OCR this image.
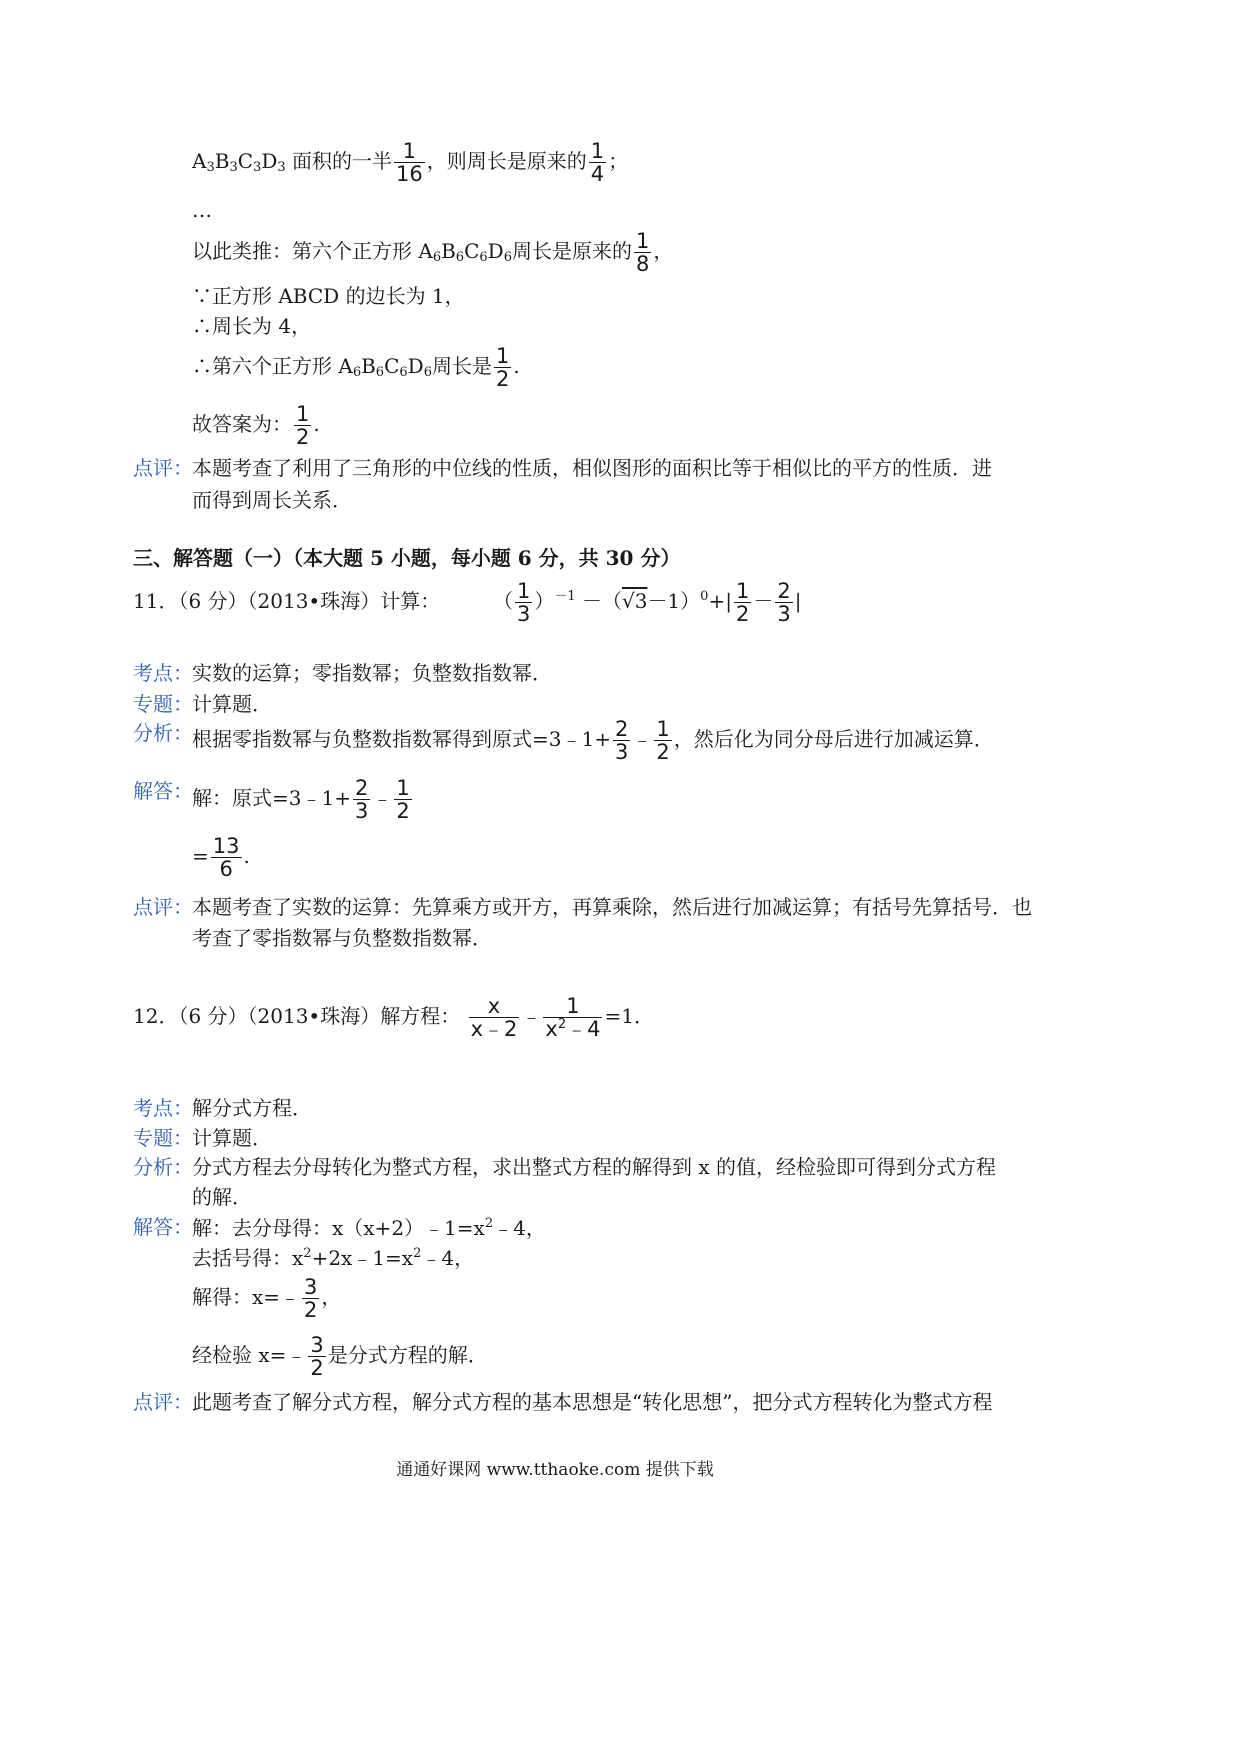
$A_3B_3C_3D_3$ 面积的一半 $\frac{1}{16}$ ，则周长是原来的 $\frac{1}{4}$ ；
…
以此类推：第六个正方形 $A_6B_6C_6D_6$周长是原来的 $\frac{1}{8}$ ，
∵正方形 ABCD 的边长为 1，
∴周长为 4，
∴第六个正方形 $A_6B_6C_6D_6$周长是 $\frac{1}{2}$ .
故答案为： $\frac{1}{2}$ .
点评： 本题考查了利用了三角形的中位线的性质，相似图形的面积比等于相似比的平方的性质．进
而得到周长关系．
三、解答题（一）（本大题 5 小题，每小题 6 分，共 30 分）
11．（6 分）（2013•珠海）计算：	（ $\frac{1}{3} )^{-1} -(√3-1)^0+| \frac{1}{2} - \frac{2}{3}$ |
考点： 实数的运算；零指数幂；负整数指数幂．
专题： 计算题．
分析： 根据零指数幂与负整数指数幂得到原式=3﹣1+ $\frac{2}{3}$ ﹣ $\frac{1}{2}$ ，然后化为同分母后进行加减运算．
解答： 解：原式=3﹣1+ $\frac{2}{3}$ ﹣ $\frac{1}{2}$
= $\frac{13}{6}$ .
点评： 本题考查了实数的运算：先算乘方或开方，再算乘除，然后进行加减运算；有括号先算括号．也
考查了零指数幂与负整数指数幂．
12．（6 分）（2013•珠海）解方程： $\frac{x}{x﹣2}$ ﹣ $\frac{1}{x^2﹣4} =1$．
考点： 解分式方程．
专题： 计算题．
分析： 分式方程去分母转化为整式方程，求出整式方程的解得到 x 的值，经检验即可得到分式方程
的解．
解答： 解：去分母得：$x(x+2)﹣1=x^2﹣4$，
去括号得：$x^2+2x﹣1=x^2﹣4$，
解得：x=﹣ $\frac{3}{2}$ ，
经检验 x=﹣ $\frac{3}{2}$ 是分式方程的解．
点评： 此题考查了解分式方程，解分式方程的基本思想是“转化思想”，把分式方程转化为整式方程
通通好课网 www.tthaoke.com 提供下载
